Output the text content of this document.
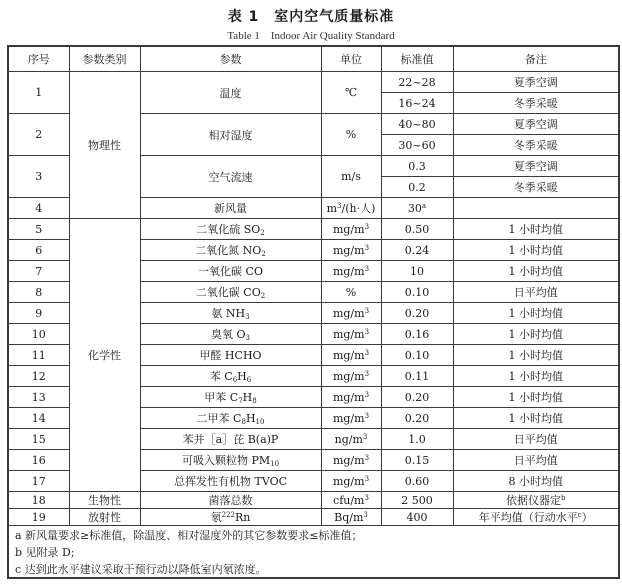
表 1　室内空气质量标准
Table 1　Indoor Air Quality Standard
序号	参数类别	参数	单位	标准值	备注
1	物理性	温度	℃	22~28	夏季空调
				16~24	冬季采暖
2		相对湿度	%	40~80	夏季空调
				30~60	冬季采暖
3		空气流速	m/s	0.3	夏季空调
				0.2	冬季采暖
4		新风量	$m^3/(h\cdot$人)	30$^a$	
5	化学性	二氧化硫 $SO_2$	$mg/m^3$	0.50	1 小时均值
6		二氧化氮 $NO_2$	$mg/m^3$	0.24	1 小时均值
7		一氧化碳 CO	$mg/m^3$	10	1 小时均值
8		二氧化碳 $CO_2$	%	0.10	日平均值
9		氨 $NH_3$	$mg/m^3$	0.20	1 小时均值
10		臭氧 $O_3$	$mg/m^3$	0.16	1 小时均值
11		甲醛 HCHO	$mg/m^3$	0.10	1 小时均值
12		苯 $C_6H_6$	$mg/m^3$	0.11	1 小时均值
13		甲苯 $C_7H_8$	$mg/m^3$	0.20	1 小时均值
14		二甲苯 $C_8H_{10}$	$mg/m^3$	0.20	1 小时均值
15		苯并［a］芘 B(a)P	$ng/m^3$	1.0	日平均值
16		可吸入颗粒物 $PM_{10}$	$mg/m^3$	0.15	日平均值
17		总挥发性有机物 TVOC	$mg/m^3$	0.60	8 小时均值
18	生物性	菌落总数	cfu/$m^3$	2 500	依据仪器定$^b$
19	放射性	氡$^{222}$Rn	$Bq/m^3$	400	年平均值（行动水平$^c$）
a 新风量要求≥标准值，除温度、相对湿度外的其它参数要求≤标准值；					
b 见附录 D;					
c 达到此水平建议采取干预行动以降低室内氡浓度。					
